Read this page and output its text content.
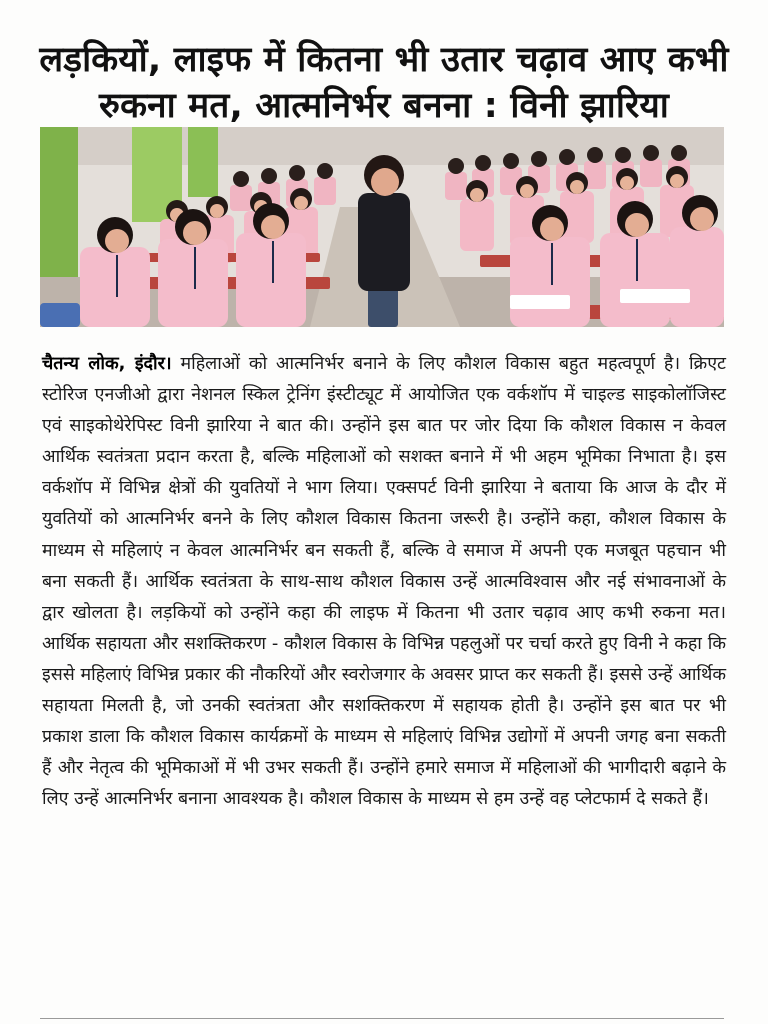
लड़कियों, लाइफ में कितना भी उतार चढ़ाव आए कभी
रुकना मत, आत्मनिर्भर बनना : विनी झारिया
चैतन्य लोक, इंदौर। महिलाओं को आत्मनिर्भर बनाने के लिए कौशल विकास बहुत महत्वपूर्ण है। क्रिएट स्टोरिज एनजीओ द्वारा नेशनल स्किल ट्रेनिंग इंस्टीट्यूट में आयोजित एक वर्कशॉप में चाइल्ड साइकोलॉजिस्ट एवं साइकोथेरेपिस्ट विनी झारिया ने बात की। उन्होंने इस बात पर जोर दिया कि कौशल विकास न केवल आर्थिक स्वतंत्रता प्रदान करता है, बल्कि महिलाओं को सशक्त बनाने में भी अहम भूमिका निभाता है। इस वर्कशॉप में विभिन्न क्षेत्रों की युवतियों ने भाग लिया। एक्सपर्ट विनी झारिया ने बताया कि आज के दौर में युवतियों को आत्मनिर्भर बनने के लिए कौशल विकास कितना जरूरी है। उन्होंने कहा, कौशल विकास के माध्यम से महिलाएं न केवल आत्मनिर्भर बन सकती हैं, बल्कि वे समाज में अपनी एक मजबूत पहचान भी बना सकती हैं। आर्थिक स्वतंत्रता के साथ-साथ कौशल विकास उन्हें आत्मविश्वास और नई संभावनाओं के द्वार खोलता है। लड़कियों को उन्होंने कहा की लाइफ में कितना भी उतार चढ़ाव आए कभी रुकना मत। आर्थिक सहायता और सशक्तिकरण - कौशल विकास के विभिन्न पहलुओं पर चर्चा करते हुए विनी ने कहा कि इससे महिलाएं विभिन्न प्रकार की नौकरियों और स्वरोजगार के अवसर प्राप्त कर सकती हैं। इससे उन्हें आर्थिक सहायता मिलती है, जो उनकी स्वतंत्रता और सशक्तिकरण में सहायक होती है। उन्होंने इस बात पर भी प्रकाश डाला कि कौशल विकास कार्यक्रमों के माध्यम से महिलाएं विभिन्न उद्योगों में अपनी जगह बना सकती हैं और नेतृत्व की भूमिकाओं में भी उभर सकती हैं। उन्होंने हमारे समाज में महिलाओं की भागीदारी बढ़ाने के लिए उन्हें आत्मनिर्भर बनाना आवश्यक है। कौशल विकास के माध्यम से हम उन्हें वह प्लेटफार्म दे सकते हैं।
